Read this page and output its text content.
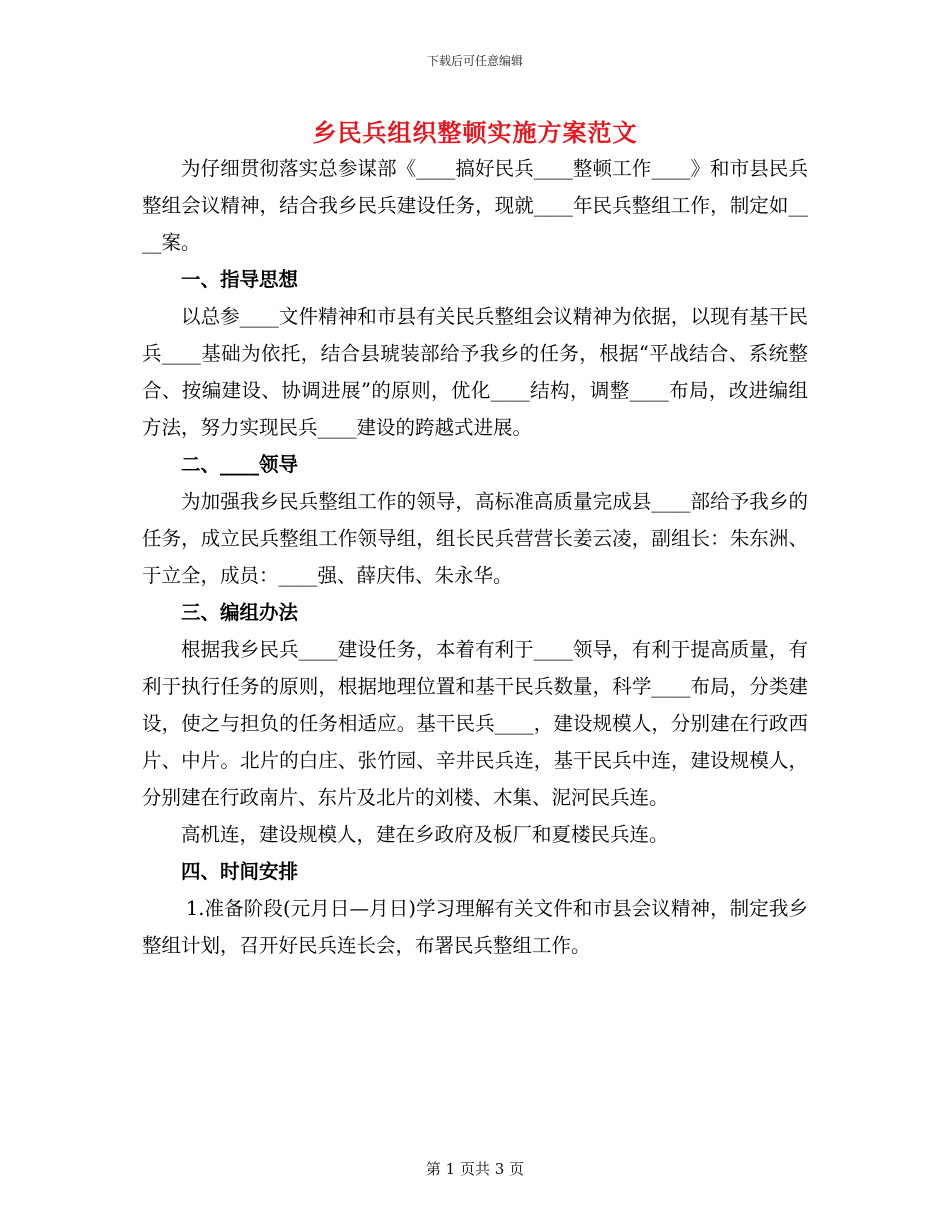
下载后可任意编辑
乡民兵组织整顿实施方案范文

为仔细贯彻落实总参谋部《____搞好民兵____整顿工作____》和市县民兵整组会议精神，结合我乡民兵建设任务，现就____年民兵整组工作，制定如____案。

一、指导思想

以总参____文件精神和市县有关民兵整组会议精神为依据，以现有基干民兵____基础为依托，结合县琥装部给予我乡的任务，根据“平战结合、系统整合、按编建设、协调进展”的原则，优化____结构，调整____布局，改进编组方法，努力实现民兵____建设的跨越式进展。

二、____领导

为加强我乡民兵整组工作的领导，高标准高质量完成县____部给予我乡的任务，成立民兵整组工作领导组，组长民兵营营长姜云凌，副组长：朱东洲、于立全，成员：____强、薛庆伟、朱永华。

三、编组办法

根据我乡民兵____建设任务，本着有利于____领导，有利于提高质量，有利于执行任务的原则，根据地理位置和基干民兵数量，科学____布局，分类建设，使之与担负的任务相适应。基干民兵____，建设规模人，分别建在行政西片、中片。北片的白庄、张竹园、辛井民兵连，基干民兵中连，建设规模人，分别建在行政南片、东片及北片的刘楼、木集、泥河民兵连。

高机连，建设规模人，建在乡政府及板厂和夏楼民兵连。

四、时间安排

1.准备阶段(元月日—月日)学习理解有关文件和市县会议精神，制定我乡整组计划，召开好民兵连长会，布署民兵整组工作。

第 1 页共 3 页
